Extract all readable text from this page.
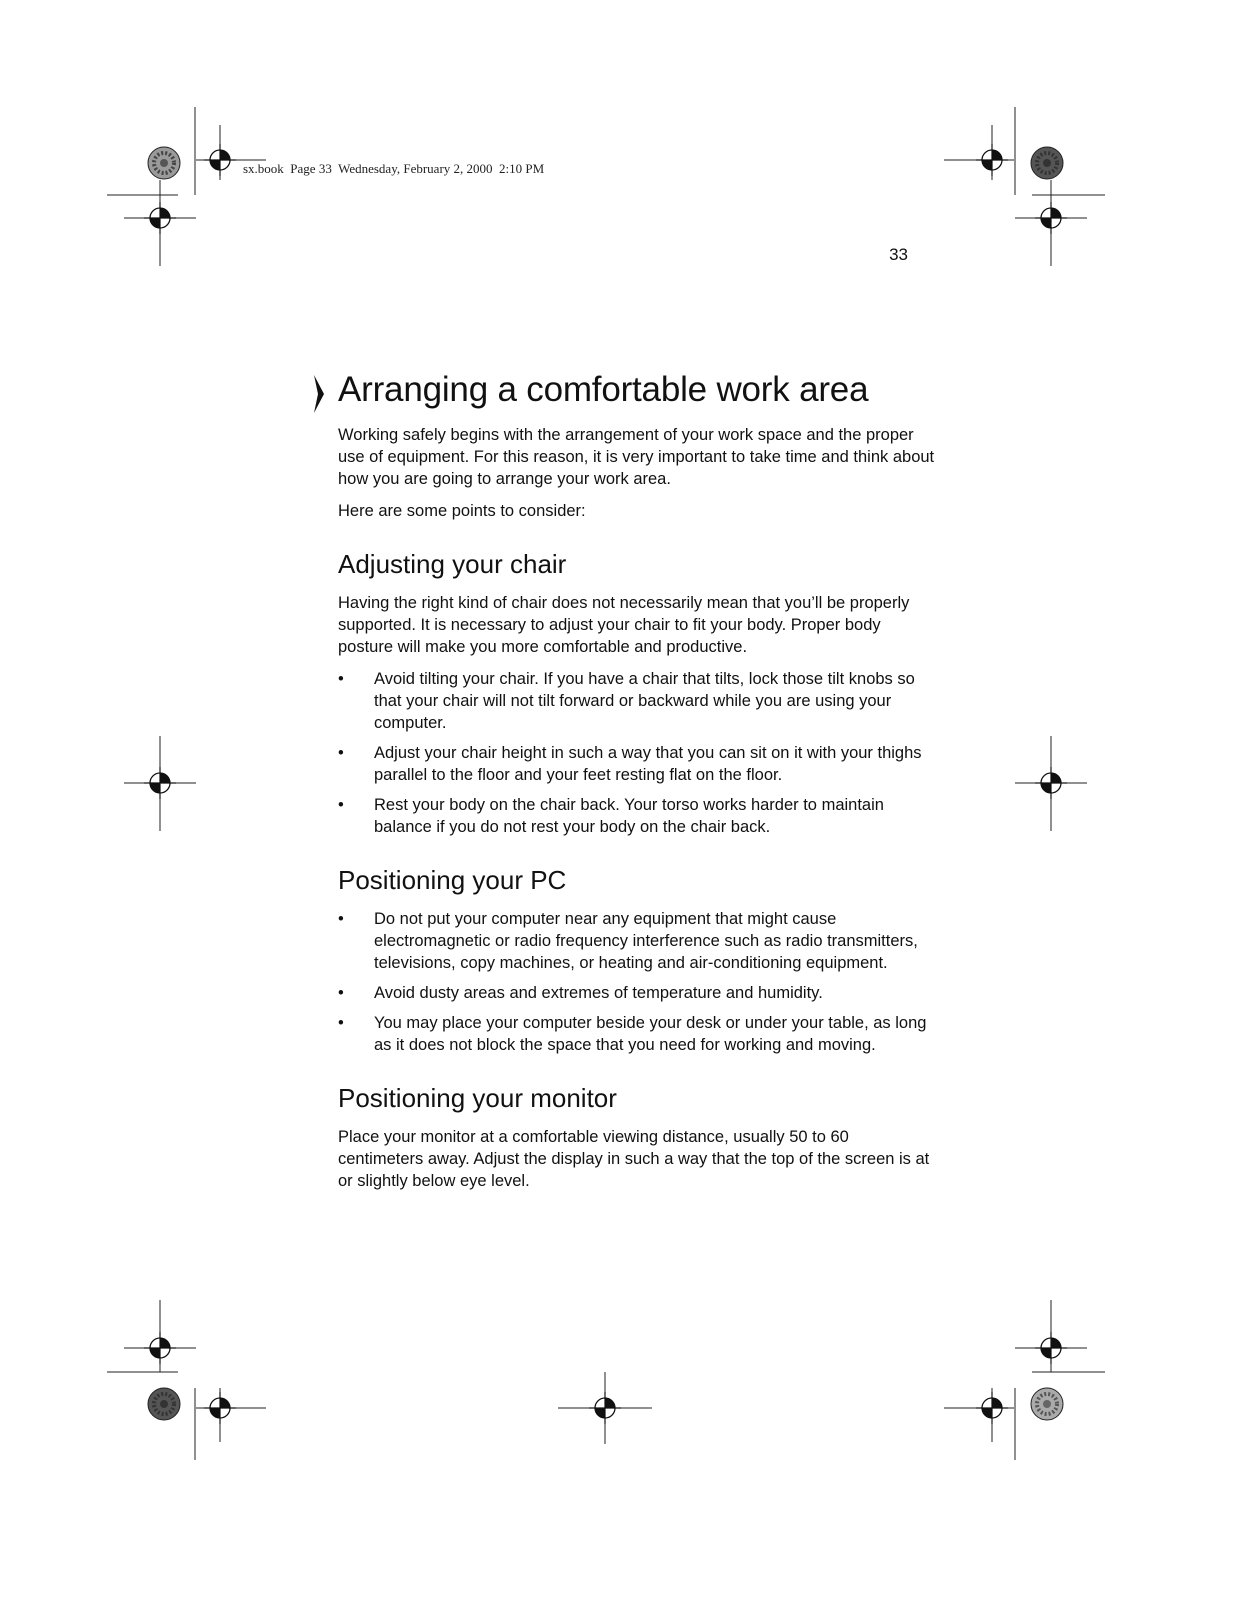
sx.book  Page 33  Wednesday, February 2, 2000  2:10 PM
33
Arranging a comfortable work area

Working safely begins with the arrangement of your work space and the proper use of equipment. For this reason, it is very important to take time and think about how you are going to arrange your work area.

Here are some points to consider:

Adjusting your chair

Having the right kind of chair does not necessarily mean that you’ll be properly supported. It is necessary to adjust your chair to fit your body. Proper body posture will make you more comfortable and productive.

• Avoid tilting your chair. If you have a chair that tilts, lock those tilt knobs so that your chair will not tilt forward or backward while you are using your computer.
• Adjust your chair height in such a way that you can sit on it with your thighs parallel to the floor and your feet resting flat on the floor.
• Rest your body on the chair back. Your torso works harder to maintain balance if you do not rest your body on the chair back.
Positioning your PC
• Do not put your computer near any equipment that might cause electromagnetic or radio frequency interference such as radio transmitters, televisions, copy machines, or heating and air-conditioning equipment.
• Avoid dusty areas and extremes of temperature and humidity.
• You may place your computer beside your desk or under your table, as long as it does not block the space that you need for working and moving.
Positioning your monitor

Place your monitor at a comfortable viewing distance, usually 50 to 60 centimeters away. Adjust the display in such a way that the top of the screen is at or slightly below eye level.
